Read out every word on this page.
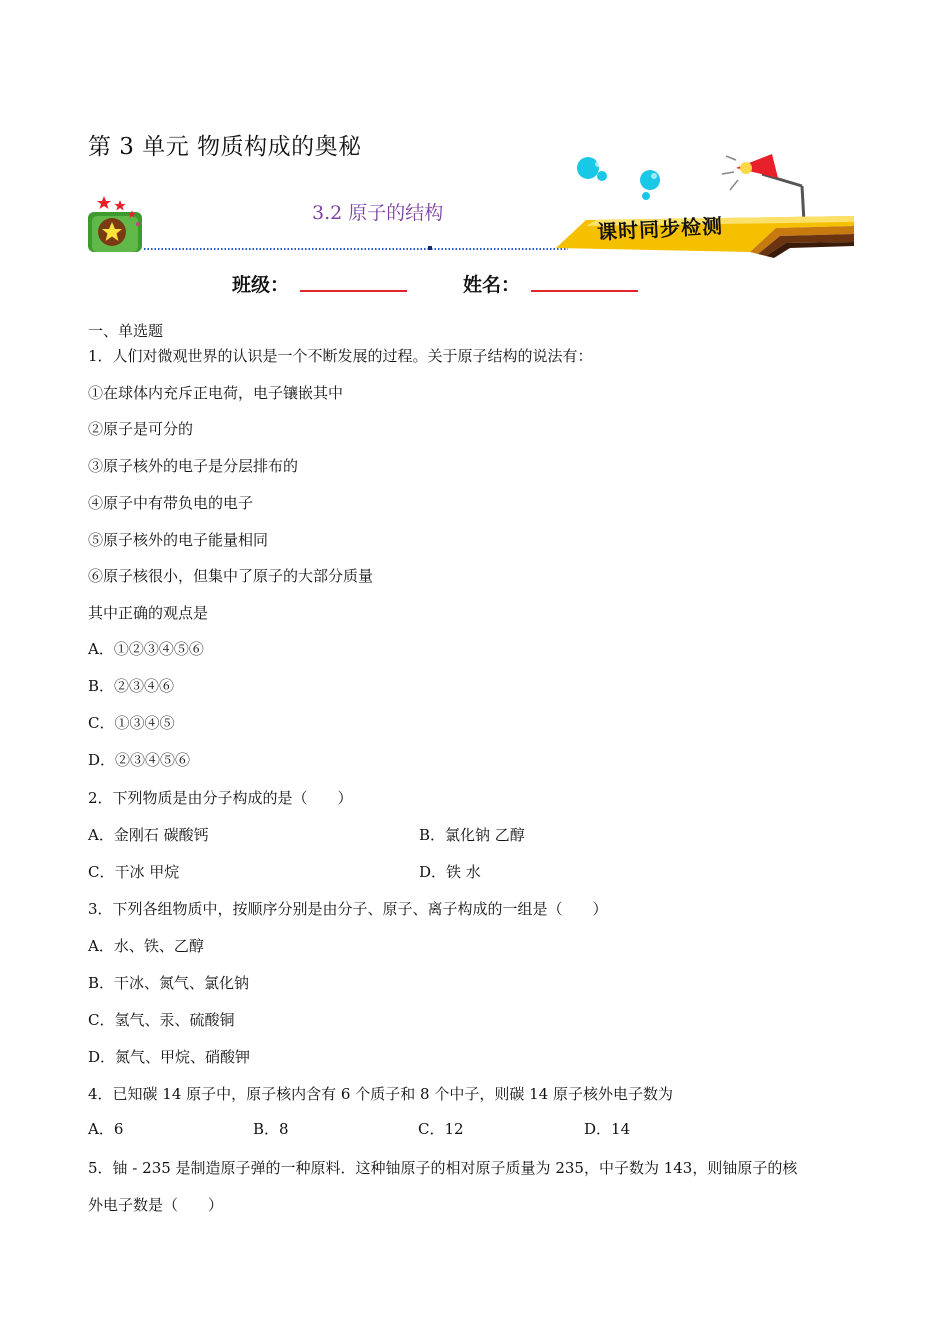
第 3 单元 物质构成的奥秘
3.2 原子的结构
课时同步检测
班级：	姓名：
一、单选题
1．人们对微观世界的认识是一个不断发展的过程。关于原子结构的说法有：
①在球体内充斥正电荷，电子镶嵌其中
②原子是可分的
③原子核外的电子是分层排布的
④原子中有带负电的电子
⑤原子核外的电子能量相同
⑥原子核很小，但集中了原子的大部分质量
其中正确的观点是
A．①②③④⑤⑥
B．②③④⑥
C．①③④⑤
D．②③④⑤⑥
2．下列物质是由分子构成的是（　　）
A．金刚石 碳酸钙	B．氯化钠 乙醇
C．干冰 甲烷	D．铁 水
3．下列各组物质中，按顺序分别是由分子、原子、离子构成的一组是（　　）
A．水、铁、乙醇
B．干冰、氮气、氯化钠
C．氢气、汞、硫酸铜
D．氮气、甲烷、硝酸钾
4．已知碳 14 原子中，原子核内含有 6 个质子和 8 个中子，则碳 14 原子核外电子数为
A．6	B．8	C．12	D．14
5．铀 - 235 是制造原子弹的一种原料．这种铀原子的相对原子质量为 235，中子数为 143，则铀原子的核
外电子数是（　　）
